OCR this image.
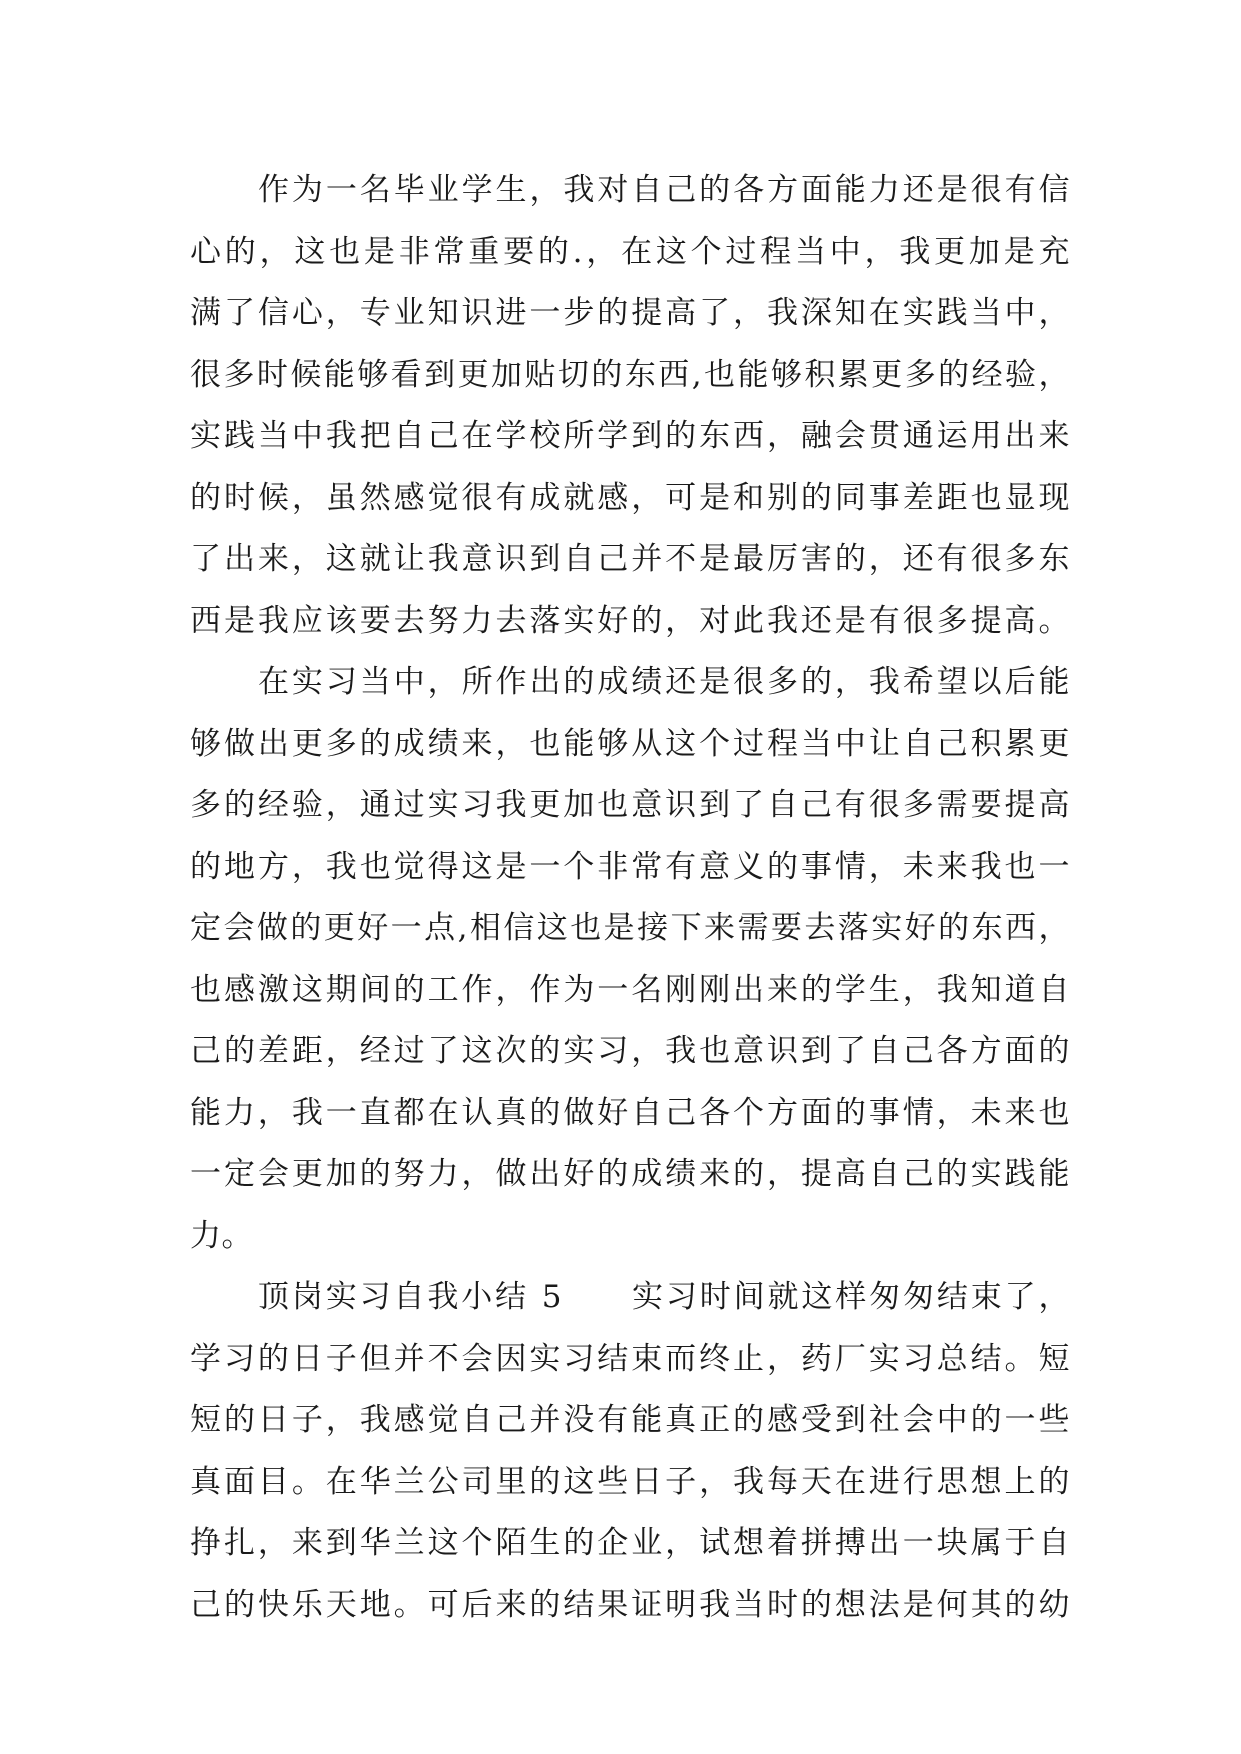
作为一名毕业学生，我对自己的各方面能力还是很有信
心的，这也是非常重要的.，在这个过程当中，我更加是充
满了信心，专业知识进一步的提高了，我深知在实践当中，
很多时候能够看到更加贴切的东西,也能够积累更多的经验，
实践当中我把自己在学校所学到的东西，融会贯通运用出来
的时候，虽然感觉很有成就感，可是和别的同事差距也显现
了出来，这就让我意识到自己并不是最厉害的，还有很多东
西是我应该要去努力去落实好的，对此我还是有很多提高。
在实习当中，所作出的成绩还是很多的，我希望以后能
够做出更多的成绩来，也能够从这个过程当中让自己积累更
多的经验，通过实习我更加也意识到了自己有很多需要提高
的地方，我也觉得这是一个非常有意义的事情，未来我也一
定会做的更好一点,相信这也是接下来需要去落实好的东西，
也感激这期间的工作，作为一名刚刚出来的学生，我知道自
己的差距，经过了这次的实习，我也意识到了自己各方面的
能力，我一直都在认真的做好自己各个方面的事情，未来也
一定会更加的努力，做出好的成绩来的，提高自己的实践能
力。
顶岗实习自我小结 5　　实习时间就这样匆匆结束了，
学习的日子但并不会因实习结束而终止，药厂实习总结。短
短的日子，我感觉自己并没有能真正的感受到社会中的一些
真面目。在华兰公司里的这些日子，我每天在进行思想上的
挣扎，来到华兰这个陌生的企业，试想着拼搏出一块属于自
己的快乐天地。可后来的结果证明我当时的想法是何其的幼
